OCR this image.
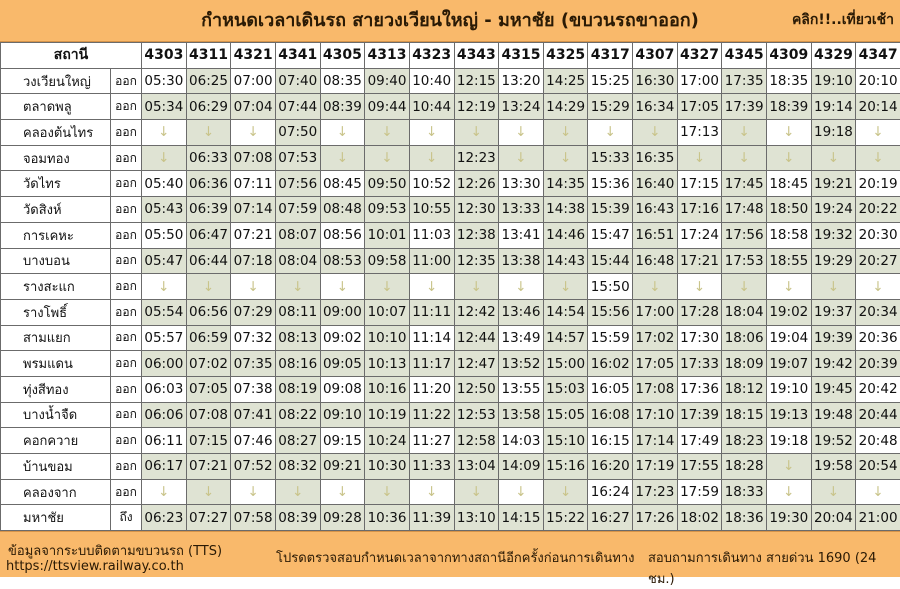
กำหนดเวลาเดินรถ สายวงเวียนใหญ่ - มหาชัย (ขบวนรถขาออก)	คลิก!!..เที่ยวเช้า
สถานี		4303	4311	4321	4341	4305	4313	4323	4343	4315	4325	4317	4307	4327	4345	4309	4329	4347
วงเวียนใหญ่	ออก	05:30	06:25	07:00	07:40	08:35	09:40	10:40	12:15	13:20	14:25	15:25	16:30	17:00	17:35	18:35	19:10	20:10
ตลาดพลู	ออก	05:34	06:29	07:04	07:44	08:39	09:44	10:44	12:19	13:24	14:29	15:29	16:34	17:05	17:39	18:39	19:14	20:14
คลองต้นไทร	ออก	↓	↓	↓	07:50	↓	↓	↓	↓	↓	↓	↓	↓	17:13	↓	↓	19:18	↓
จอมทอง	ออก	↓	06:33	07:08	07:53	↓	↓	↓	12:23	↓	↓	15:33	16:35	↓	↓	↓	↓	↓
วัดไทร	ออก	05:40	06:36	07:11	07:56	08:45	09:50	10:52	12:26	13:30	14:35	15:36	16:40	17:15	17:45	18:45	19:21	20:19
วัดสิงห์	ออก	05:43	06:39	07:14	07:59	08:48	09:53	10:55	12:30	13:33	14:38	15:39	16:43	17:16	17:48	18:50	19:24	20:22
การเคหะ	ออก	05:50	06:47	07:21	08:07	08:56	10:01	11:03	12:38	13:41	14:46	15:47	16:51	17:24	17:56	18:58	19:32	20:30
บางบอน	ออก	05:47	06:44	07:18	08:04	08:53	09:58	11:00	12:35	13:38	14:43	15:44	16:48	17:21	17:53	18:55	19:29	20:27
รางสะแก	ออก	↓	↓	↓	↓	↓	↓	↓	↓	↓	↓	15:50	↓	↓	↓	↓	↓	↓
รางโพธิ์	ออก	05:54	06:56	07:29	08:11	09:00	10:07	11:11	12:42	13:46	14:54	15:56	17:00	17:28	18:04	19:02	19:37	20:34
สามแยก	ออก	05:57	06:59	07:32	08:13	09:02	10:10	11:14	12:44	13:49	14:57	15:59	17:02	17:30	18:06	19:04	19:39	20:36
พรมแดน	ออก	06:00	07:02	07:35	08:16	09:05	10:13	11:17	12:47	13:52	15:00	16:02	17:05	17:33	18:09	19:07	19:42	20:39
ทุ่งสีทอง	ออก	06:03	07:05	07:38	08:19	09:08	10:16	11:20	12:50	13:55	15:03	16:05	17:08	17:36	18:12	19:10	19:45	20:42
บางน้ำจืด	ออก	06:06	07:08	07:41	08:22	09:10	10:19	11:22	12:53	13:58	15:05	16:08	17:10	17:39	18:15	19:13	19:48	20:44
คอกควาย	ออก	06:11	07:15	07:46	08:27	09:15	10:24	11:27	12:58	14:03	15:10	16:15	17:14	17:49	18:23	19:18	19:52	20:48
บ้านขอม	ออก	06:17	07:21	07:52	08:32	09:21	10:30	11:33	13:04	14:09	15:16	16:20	17:19	17:55	18:28	↓	19:58	20:54
คลองจาก	ออก	↓	↓	↓	↓	↓	↓	↓	↓	↓	↓	16:24	17:23	17:59	18:33	↓	↓	↓
มหาชัย	ถึง	06:23	07:27	07:58	08:39	09:28	10:36	11:39	13:10	14:15	15:22	16:27	17:26	18:02	18:36	19:30	20:04	21:00
ข้อมูลจากระบบติดตามขบวนรถ (TTS)
https://ttsview.railway.co.th
โปรดตรวจสอบกำหนดเวลาจากทางสถานีอีกครั้งก่อนการเดินทาง สอบถามการเดินทาง สายด่วน 1690 (24 ชม.)
